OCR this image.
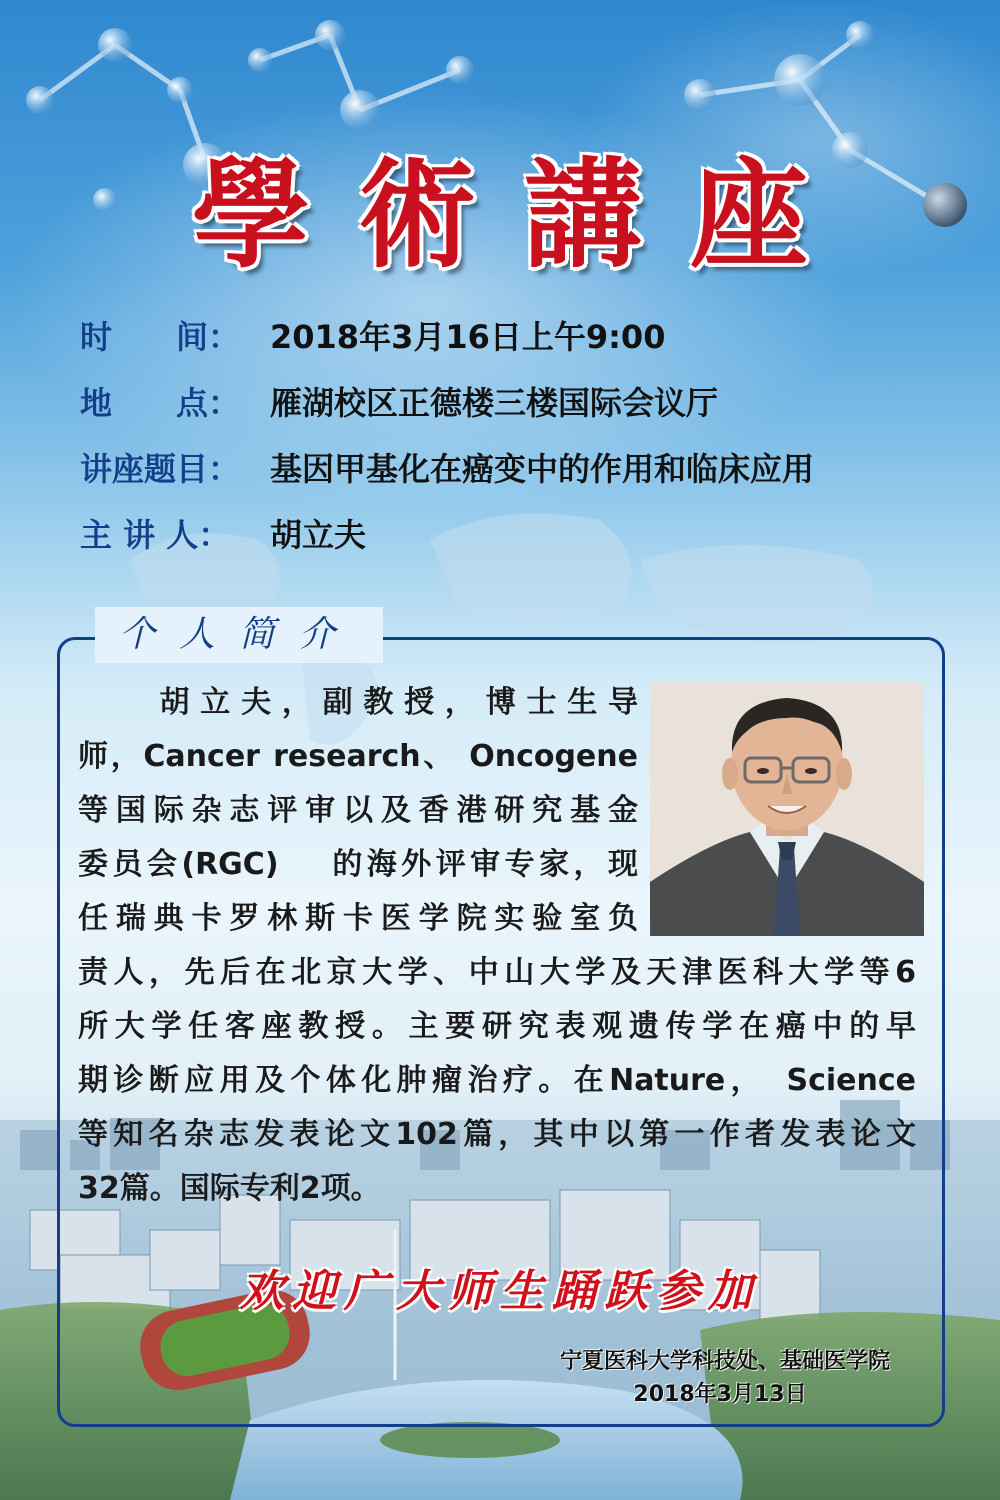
學術講座
时　　间： 2018年3月16日上午9:00
地　　点： 雁湖校区正德楼三楼国际会议厅
讲座题目： 基因甲基化在癌变中的作用和临床应用
主 讲 人：	胡立夫
个人简介
　　胡立夫，副教授，博士生导
师，Cancer research、 Oncogene
等国际杂志评审以及香港研究基金
委员会(RGC)　 的海外评审专家，现
任瑞典卡罗林斯卡医学院实验室负
责人，先后在北京大学、中山大学及天津医科大学等6
所大学任客座教授。主要研究表观遗传学在癌中的早
期诊断应用及个体化肿瘤治疗。在Nature，　Science
等知名杂志发表论文102篇，其中以第一作者发表论文
32篇。国际专利2项。
欢迎广大师生踊跃参加
宁夏医科大学科技处、基础医学院
2018年3月13日
